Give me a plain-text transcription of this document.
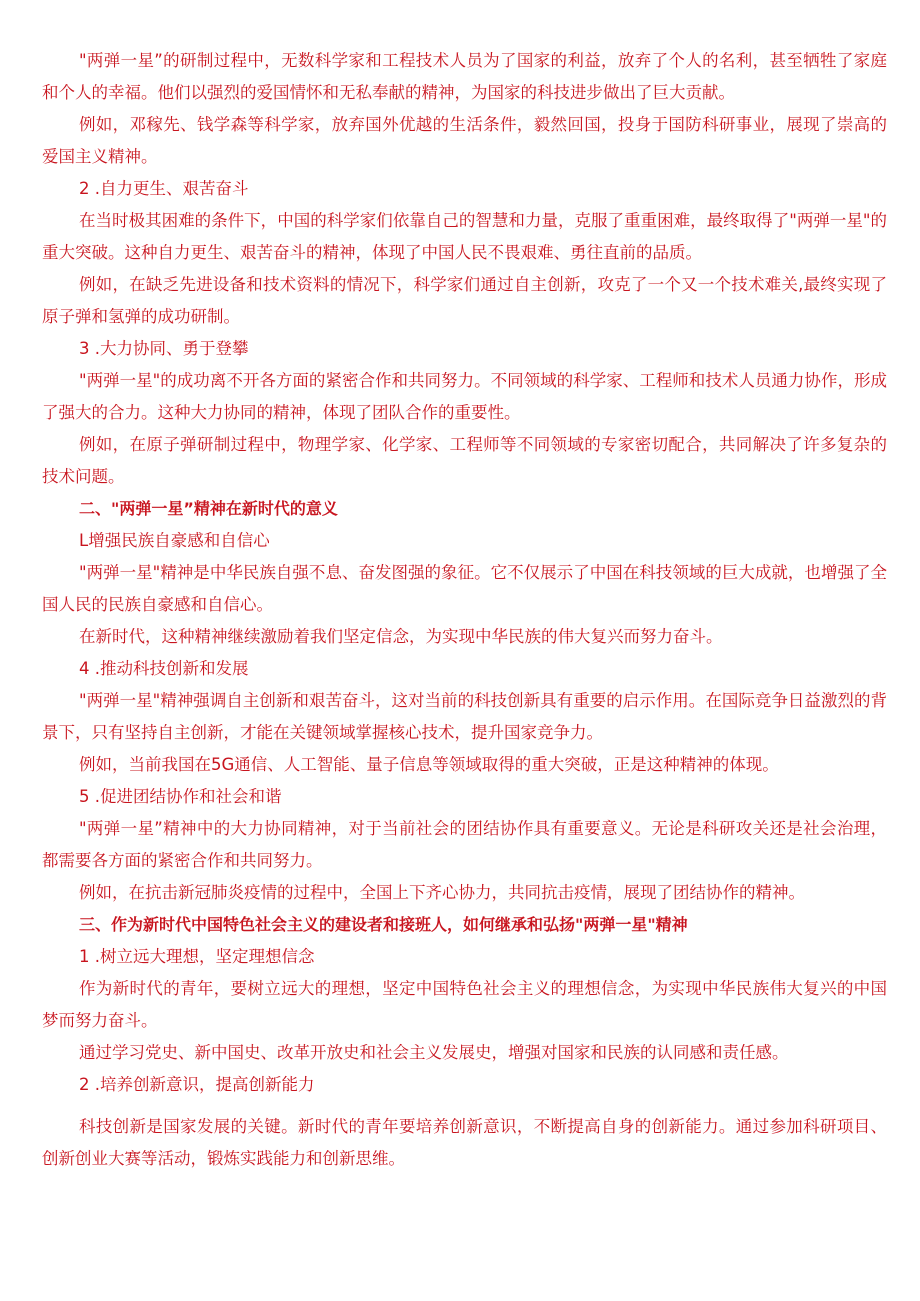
"两弹一星”的研制过程中，无数科学家和工程技术人员为了国家的利益，放弃了个人的名利，甚至牺牲了家庭和个人的幸福。他们以强烈的爱国情怀和无私奉献的精神，为国家的科技进步做出了巨大贡献。

例如，邓稼先、钱学森等科学家，放弃国外优越的生活条件，毅然回国，投身于国防科研事业，展现了崇高的爱国主义精神。

2 .自力更生、艰苦奋斗

在当时极其困难的条件下，中国的科学家们依靠自己的智慧和力量，克服了重重困难，最终取得了"两弹一星"的重大突破。这种自力更生、艰苦奋斗的精神，体现了中国人民不畏艰难、勇往直前的品质。

例如，在缺乏先进设备和技术资料的情况下，科学家们通过自主创新，攻克了一个又一个技术难关,最终实现了原子弹和氢弹的成功研制。

3 .大力协同、勇于登攀

"两弹一星"的成功离不开各方面的紧密合作和共同努力。不同领域的科学家、工程师和技术人员通力协作，形成了强大的合力。这种大力协同的精神，体现了团队合作的重要性。

例如，在原子弹研制过程中，物理学家、化学家、工程师等不同领域的专家密切配合，共同解决了许多复杂的技术问题。

二、"两弹一星”精神在新时代的意义

L增强民族自豪感和自信心

"两弹一星"精神是中华民族自强不息、奋发图强的象征。它不仅展示了中国在科技领域的巨大成就，也增强了全国人民的民族自豪感和自信心。

在新时代，这种精神继续激励着我们坚定信念，为实现中华民族的伟大复兴而努力奋斗。

4 .推动科技创新和发展

"两弹一星"精神强调自主创新和艰苦奋斗，这对当前的科技创新具有重要的启示作用。在国际竞争日益激烈的背景下，只有坚持自主创新，才能在关键领域掌握核心技术，提升国家竞争力。

例如，当前我国在5G通信、人工智能、量子信息等领域取得的重大突破，正是这种精神的体现。

5 .促进团结协作和社会和谐

"两弹一星”精神中的大力协同精神，对于当前社会的团结协作具有重要意义。无论是科研攻关还是社会治理，都需要各方面的紧密合作和共同努力。

例如，在抗击新冠肺炎疫情的过程中，全国上下齐心协力，共同抗击疫情，展现了团结协作的精神。

三、作为新时代中国特色社会主义的建设者和接班人，如何继承和弘扬"两弹一星"精神

1 .树立远大理想，坚定理想信念

作为新时代的青年，要树立远大的理想，坚定中国特色社会主义的理想信念，为实现中华民族伟大复兴的中国梦而努力奋斗。

通过学习党史、新中国史、改革开放史和社会主义发展史，增强对国家和民族的认同感和责任感。

2 .培养创新意识，提高创新能力

科技创新是国家发展的关键。新时代的青年要培养创新意识，不断提高自身的创新能力。通过参加科研项目、创新创业大赛等活动，锻炼实践能力和创新思维。
